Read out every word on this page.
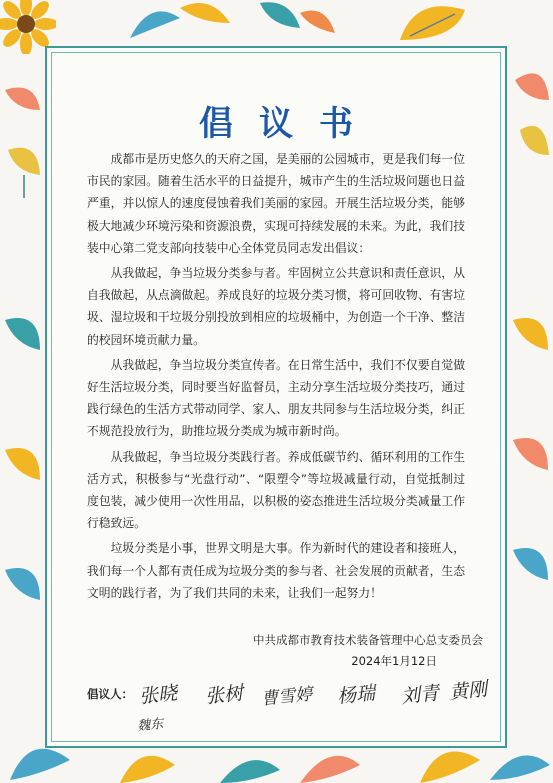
倡议书

成都市是历史悠久的天府之国，是美丽的公园城市，更是我们每一位市民的家园。随着生活水平的日益提升，城市产生的生活垃圾问题也日益严重，并以惊人的速度侵蚀着我们美丽的家园。开展生活垃圾分类，能够极大地减少环境污染和资源浪费，实现可持续发展的未来。为此，我们技装中心第二党支部向技装中心全体党员同志发出倡议：

从我做起，争当垃圾分类参与者。牢固树立公共意识和责任意识，从自我做起，从点滴做起。养成良好的垃圾分类习惯，将可回收物、有害垃圾、湿垃圾和干垃圾分别投放到相应的垃圾桶中，为创造一个干净、整洁的校园环境贡献力量。

从我做起，争当垃圾分类宣传者。在日常生活中，我们不仅要自觉做好生活垃圾分类，同时要当好监督员，主动分享生活垃圾分类技巧，通过践行绿色的生活方式带动同学、家人、朋友共同参与生活垃圾分类，纠正不规范投放行为，助推垃圾分类成为城市新时尚。

从我做起，争当垃圾分类践行者。养成低碳节约、循环利用的工作生活方式，积极参与“光盘行动”、“限塑令”等垃圾减量行动，自觉抵制过度包装，减少使用一次性用品，以积极的姿态推进生活垃圾分类减量工作行稳致远。

垃圾分类是小事，世界文明是大事。作为新时代的建设者和接班人，我们每一个人都有责任成为垃圾分类的参与者、社会发展的贡献者，生态文明的践行者，为了我们共同的未来，让我们一起努力！

中共成都市教育技术装备管理中心总支委员会
2024年1月12日
倡议人： 张晓 张树 曹雪婷 杨瑞 刘青 黄刚
魏东
